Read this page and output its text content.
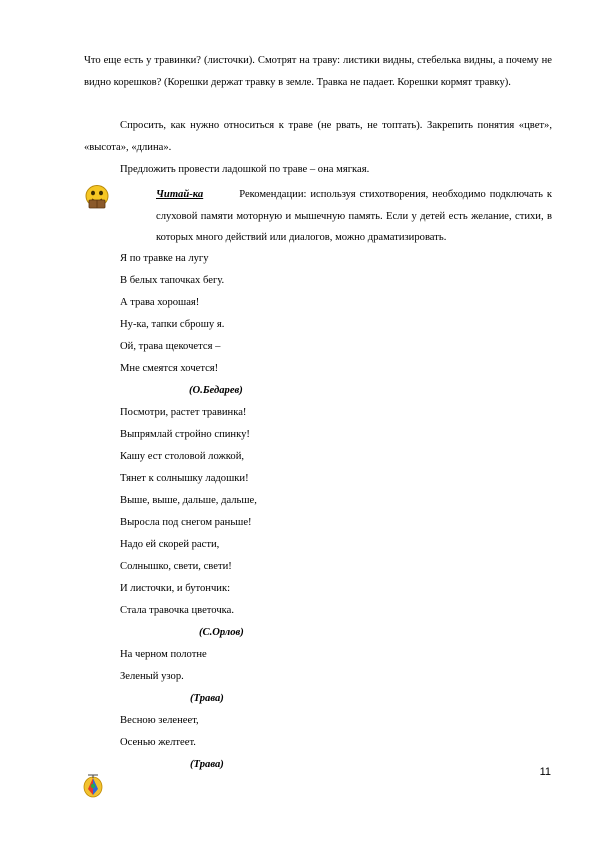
Что еще есть у травинки? (листочки). Смотрят на траву: листики видны, стебелька видны, а почему не видно корешков? (Корешки держат травку в земле. Травка не падает. Корешки кормят травку).
Спросить, как нужно относиться к траве (не рвать, не топтать). Закрепить понятия «цвет», «высота», «длина».
Предложить провести ладошкой по траве – она мягкая.
Читай-ка	Рекомендации: используя стихотворения, необходимо подключать к слуховой памяти моторную и мышечную память. Если у детей есть желание, стихи, в которых много действий или диалогов, можно драматизировать.
Я по травке на лугу
В белых тапочках бегу.
А трава хорошая!
Ну-ка, тапки сброшу я.
Ой, трава щекочется –
Мне смеятся хочется!
(О.Бедарев)
Посмотри, растет травинка!
Выпрямлай стройно спинку!
Кашу ест столовой ложкой,
Тянет к солнышку ладошки!
Выше, выше, дальше, дальше,
Выросла под снегом раньше!
Надо ей скорей расти,
Солнышко, свети, свети!
И листочки, и бутончик:
Стала травочка цветочка.
(С.Орлов)
На черном полотне
Зеленый узор.
(Трава)
Весною зеленеет,
Осенью желтеет.
(Трава)
11
